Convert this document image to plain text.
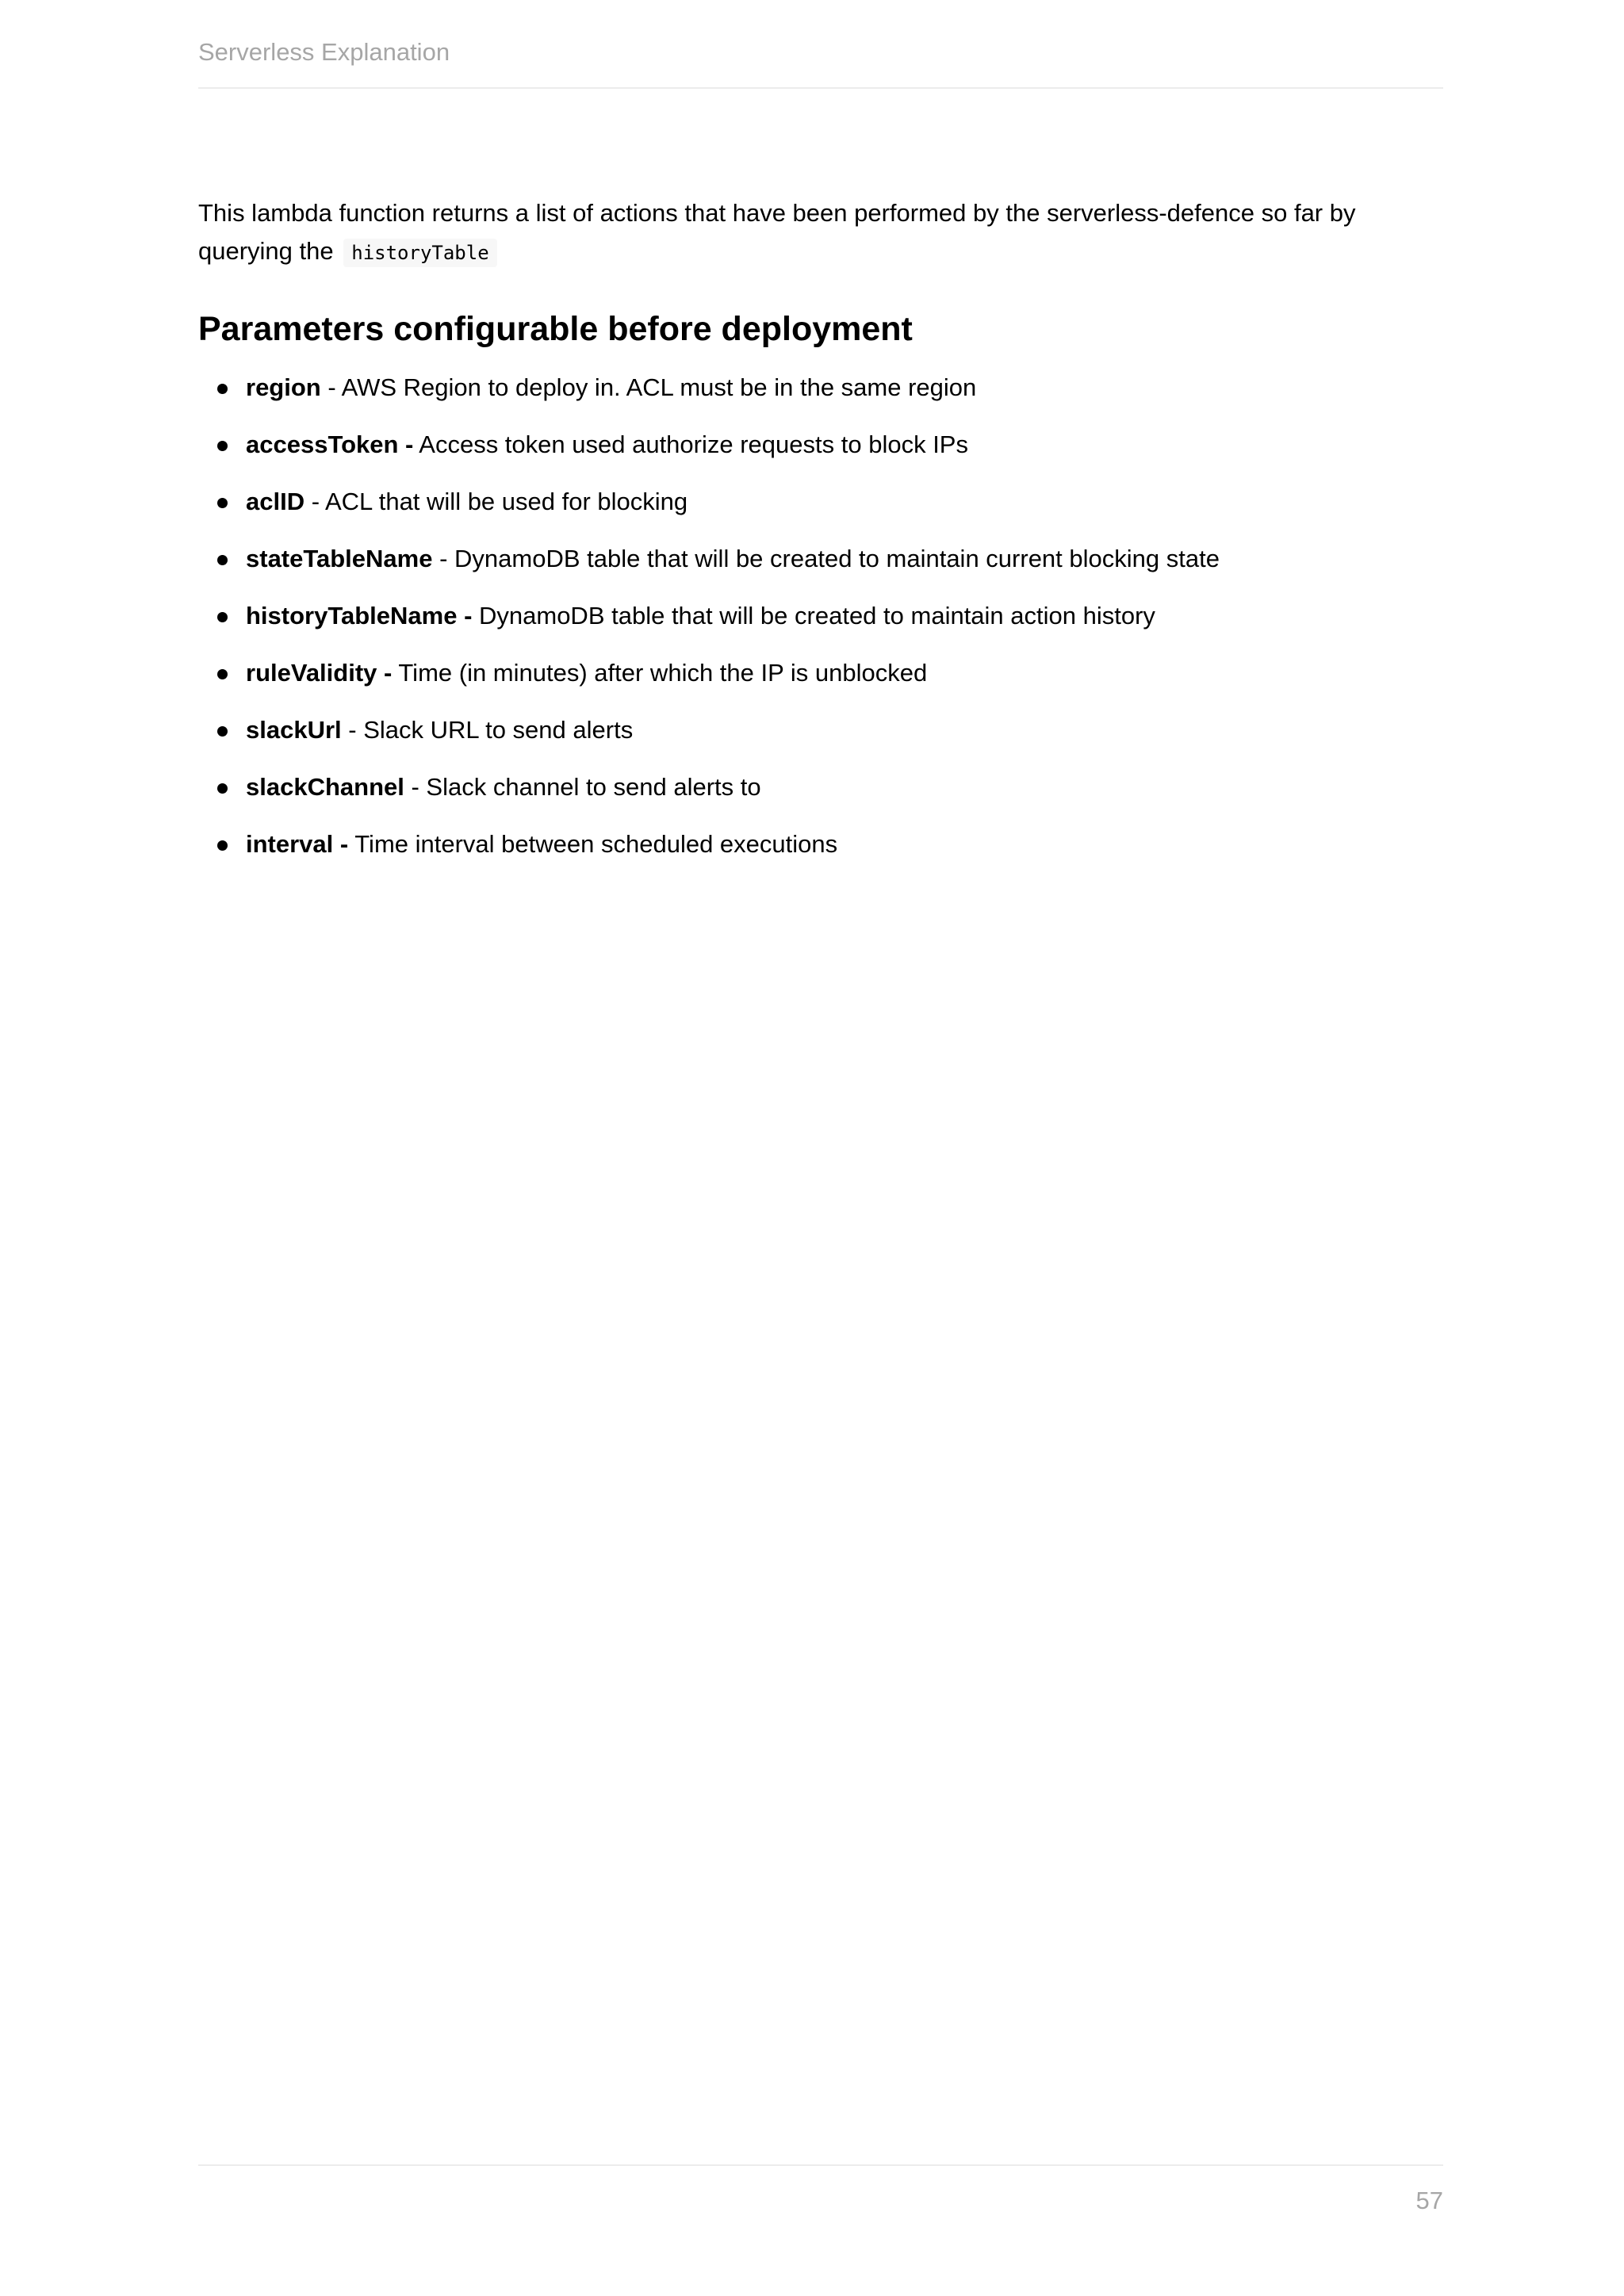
Serverless Explanation

This lambda function returns a list of actions that have been performed by the serverless-defence so far by querying the historyTable

Parameters configurable before deployment
region - AWS Region to deploy in. ACL must be in the same region
accessToken - Access token used authorize requests to block IPs
aclID - ACL that will be used for blocking
stateTableName - DynamoDB table that will be created to maintain current blocking state
historyTableName - DynamoDB table that will be created to maintain action history
ruleValidity - Time (in minutes) after which the IP is unblocked
slackUrl - Slack URL to send alerts
slackChannel - Slack channel to send alerts to
interval - Time interval between scheduled executions
57
